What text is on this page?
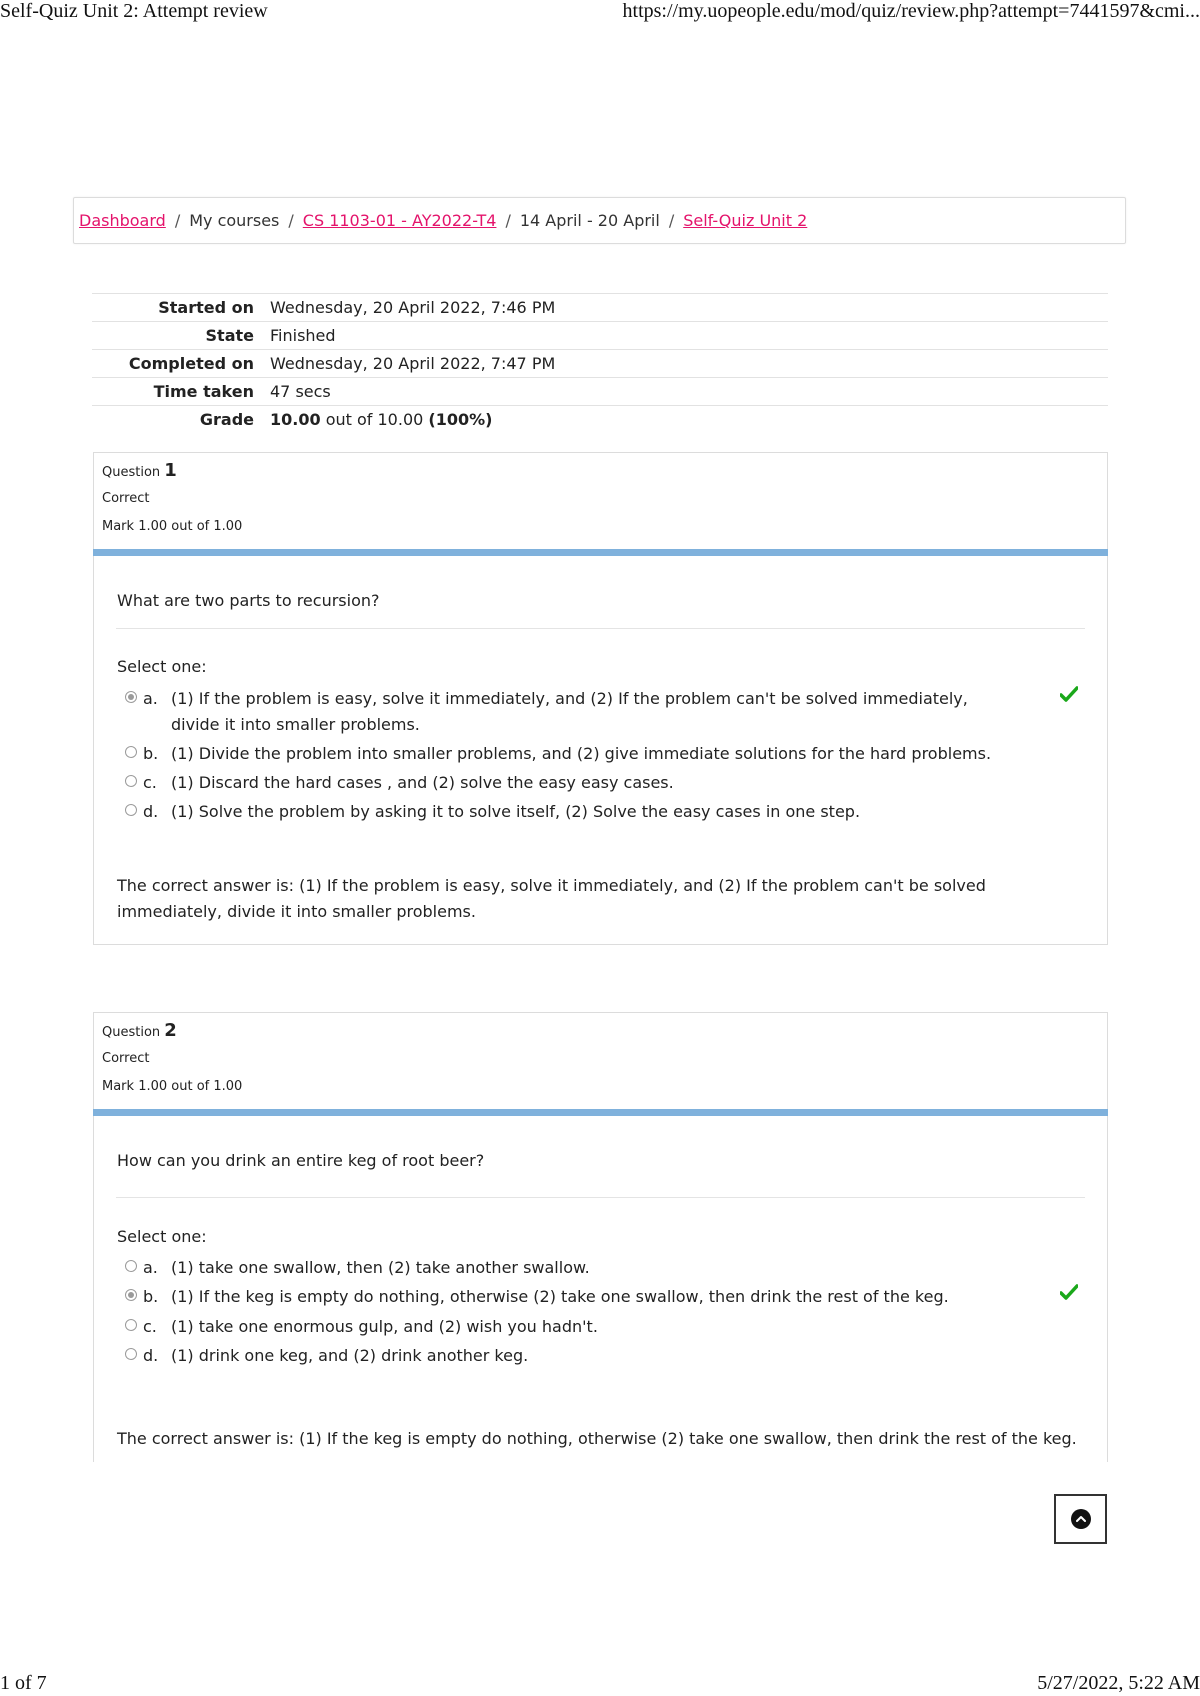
Self-Quiz Unit 2: Attempt review	https://my.uopeople.edu/mod/quiz/review.php?attempt=7441597&cmi...
Dashboard / My courses / CS 1103-01 - AY2022-T4 / 14 April - 20 April / Self-Quiz Unit 2
Started on	Wednesday, 20 April 2022, 7:46 PM
State	Finished
Completed on	Wednesday, 20 April 2022, 7:47 PM
Time taken	47 secs
Grade	10.00 out of 10.00 (100%)
Question 1
Correct
Mark 1.00 out of 1.00
What are two parts to recursion?
Select one:
a. (1) If the problem is easy, solve it immediately, and (2) If the problem can't be solved immediately, divide it into smaller problems.
b. (1) Divide the problem into smaller problems, and (2) give immediate solutions for the hard problems.
c. (1) Discard the hard cases , and (2) solve the easy easy cases.
d. (1) Solve the problem by asking it to solve itself, (2) Solve the easy cases in one step.
The correct answer is: (1) If the problem is easy, solve it immediately, and (2) If the problem can't be solved immediately, divide it into smaller problems.
Question 2
Correct
Mark 1.00 out of 1.00
How can you drink an entire keg of root beer?
Select one:
a. (1) take one swallow, then (2) take another swallow.
b. (1) If the keg is empty do nothing, otherwise (2) take one swallow, then drink the rest of the keg.
c. (1) take one enormous gulp, and (2) wish you hadn't.
d. (1) drink one keg, and (2) drink another keg.
The correct answer is: (1) If the keg is empty do nothing, otherwise (2) take one swallow, then drink the rest of the keg.
1 of 7	5/27/2022, 5:22 AM
